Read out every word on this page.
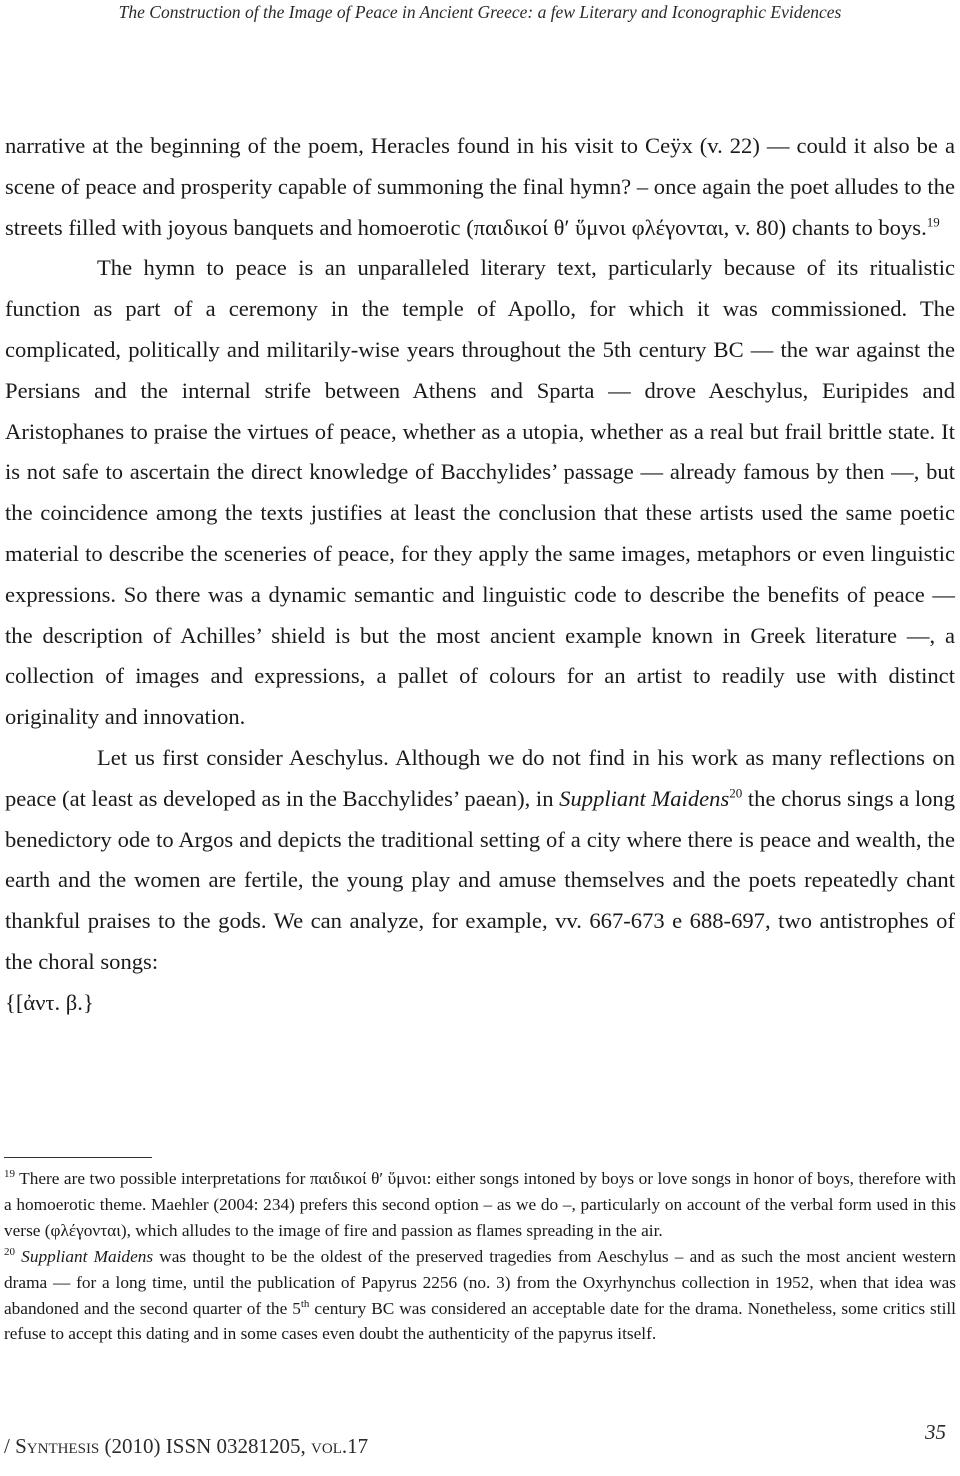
The Construction of the Image of Peace in Ancient Greece: a few Literary and Iconographic Evidences

narrative at the beginning of the poem, Heracles found in his visit to Ceÿx (v. 22) — could it also be a scene of peace and prosperity capable of summoning the final hymn? – once again the poet alludes to the streets filled with joyous banquets and homoerotic (παιδικοί θ′ ὕμνοι φλέγονται, v. 80) chants to boys.$^{19}$

The hymn to peace is an unparalleled literary text, particularly because of its ritualistic function as part of a ceremony in the temple of Apollo, for which it was commissioned. The complicated, politically and militarily-wise years throughout the 5th century BC — the war against the Persians and the internal strife between Athens and Sparta — drove Aeschylus, Euripides and Aristophanes to praise the virtues of peace, whether as a utopia, whether as a real but frail brittle state. It is not safe to ascertain the direct knowledge of Bacchylides’ passage — already famous by then —, but the coincidence among the texts justifies at least the conclusion that these artists used the same poetic material to describe the sceneries of peace, for they apply the same images, metaphors or even linguistic expressions. So there was a dynamic semantic and linguistic code to describe the benefits of peace — the description of Achilles’ shield is but the most ancient example known in Greek literature —, a collection of images and expressions, a pallet of colours for an artist to readily use with distinct originality and innovation.

Let us first consider Aeschylus. Although we do not find in his work as many reflections on peace (at least as developed as in the Bacchylides’ paean), in Suppliant Maidens$^{20}$ the chorus sings a long benedictory ode to Argos and depicts the traditional setting of a city where there is peace and wealth, the earth and the women are fertile, the young play and amuse themselves and the poets repeatedly chant thankful praises to the gods. We can analyze, for example, vv. 667-673 e 688-697, two antistrophes of the choral songs:

{[ἀντ. β.}

$^{19}$ There are two possible interpretations for παιδικοί θ′ ὕμνοι: either songs intoned by boys or love songs in honor of boys, therefore with a homoerotic theme. Maehler (2004: 234) prefers this second option – as we do –, particularly on account of the verbal form used in this verse (φλέγονται), which alludes to the image of fire and passion as flames spreading in the air.

$^{20}$ Suppliant Maidens was thought to be the oldest of the preserved tragedies from Aeschylus – and as such the most ancient western drama — for a long time, until the publication of Papyrus 2256 (no. 3) from the Oxyrhynchus collection in 1952, when that idea was abandoned and the second quarter of the 5th century BC was considered an acceptable date for the drama. Nonetheless, some critics still refuse to accept this dating and in some cases even doubt the authenticity of the papyrus itself.

/ Synthesis (2010) ISSN 03281205, vol.17
35
